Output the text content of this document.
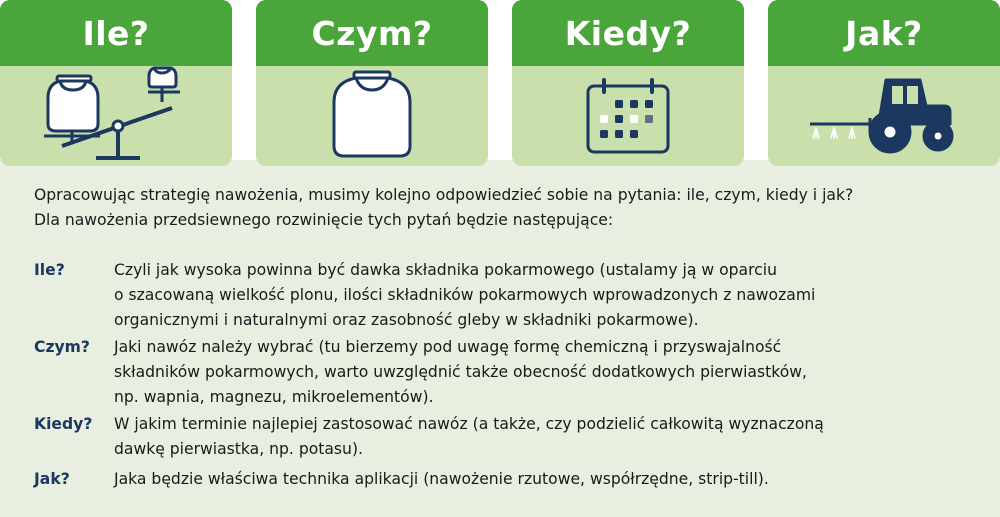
Ile?	Czym?	Kiedy?	Jak?

Opracowując strategię nawożenia, musimy kolejno odpowiedzieć sobie na pytania: ile, czym, kiedy i jak?

Dla nawożenia przedsiewnego rozwinięcie tych pytań będzie następujące:

Ile?	Czyli jak wysoka powinna być dawka składnika pokarmowego (ustalamy ją w oparciu
o szacowaną wielkość plonu, ilości składników pokarmowych wprowadzonych z nawozami
organicznymi i naturalnymi oraz zasobność gleby w składniki pokarmowe).
Czym?	Jaki nawóz należy wybrać (tu bierzemy pod uwagę formę chemiczną i przyswajalność
składników pokarmowych, warto uwzględnić także obecność dodatkowych pierwiastków,
np. wapnia, magnezu, mikroelementów).
Kiedy?	W jakim terminie najlepiej zastosować nawóz (a także, czy podzielić całkowitą wyznaczoną
dawkę pierwiastka, np. potasu).
Jak?	Jaka będzie właściwa technika aplikacji (nawożenie rzutowe, współrzędne, strip-till).
